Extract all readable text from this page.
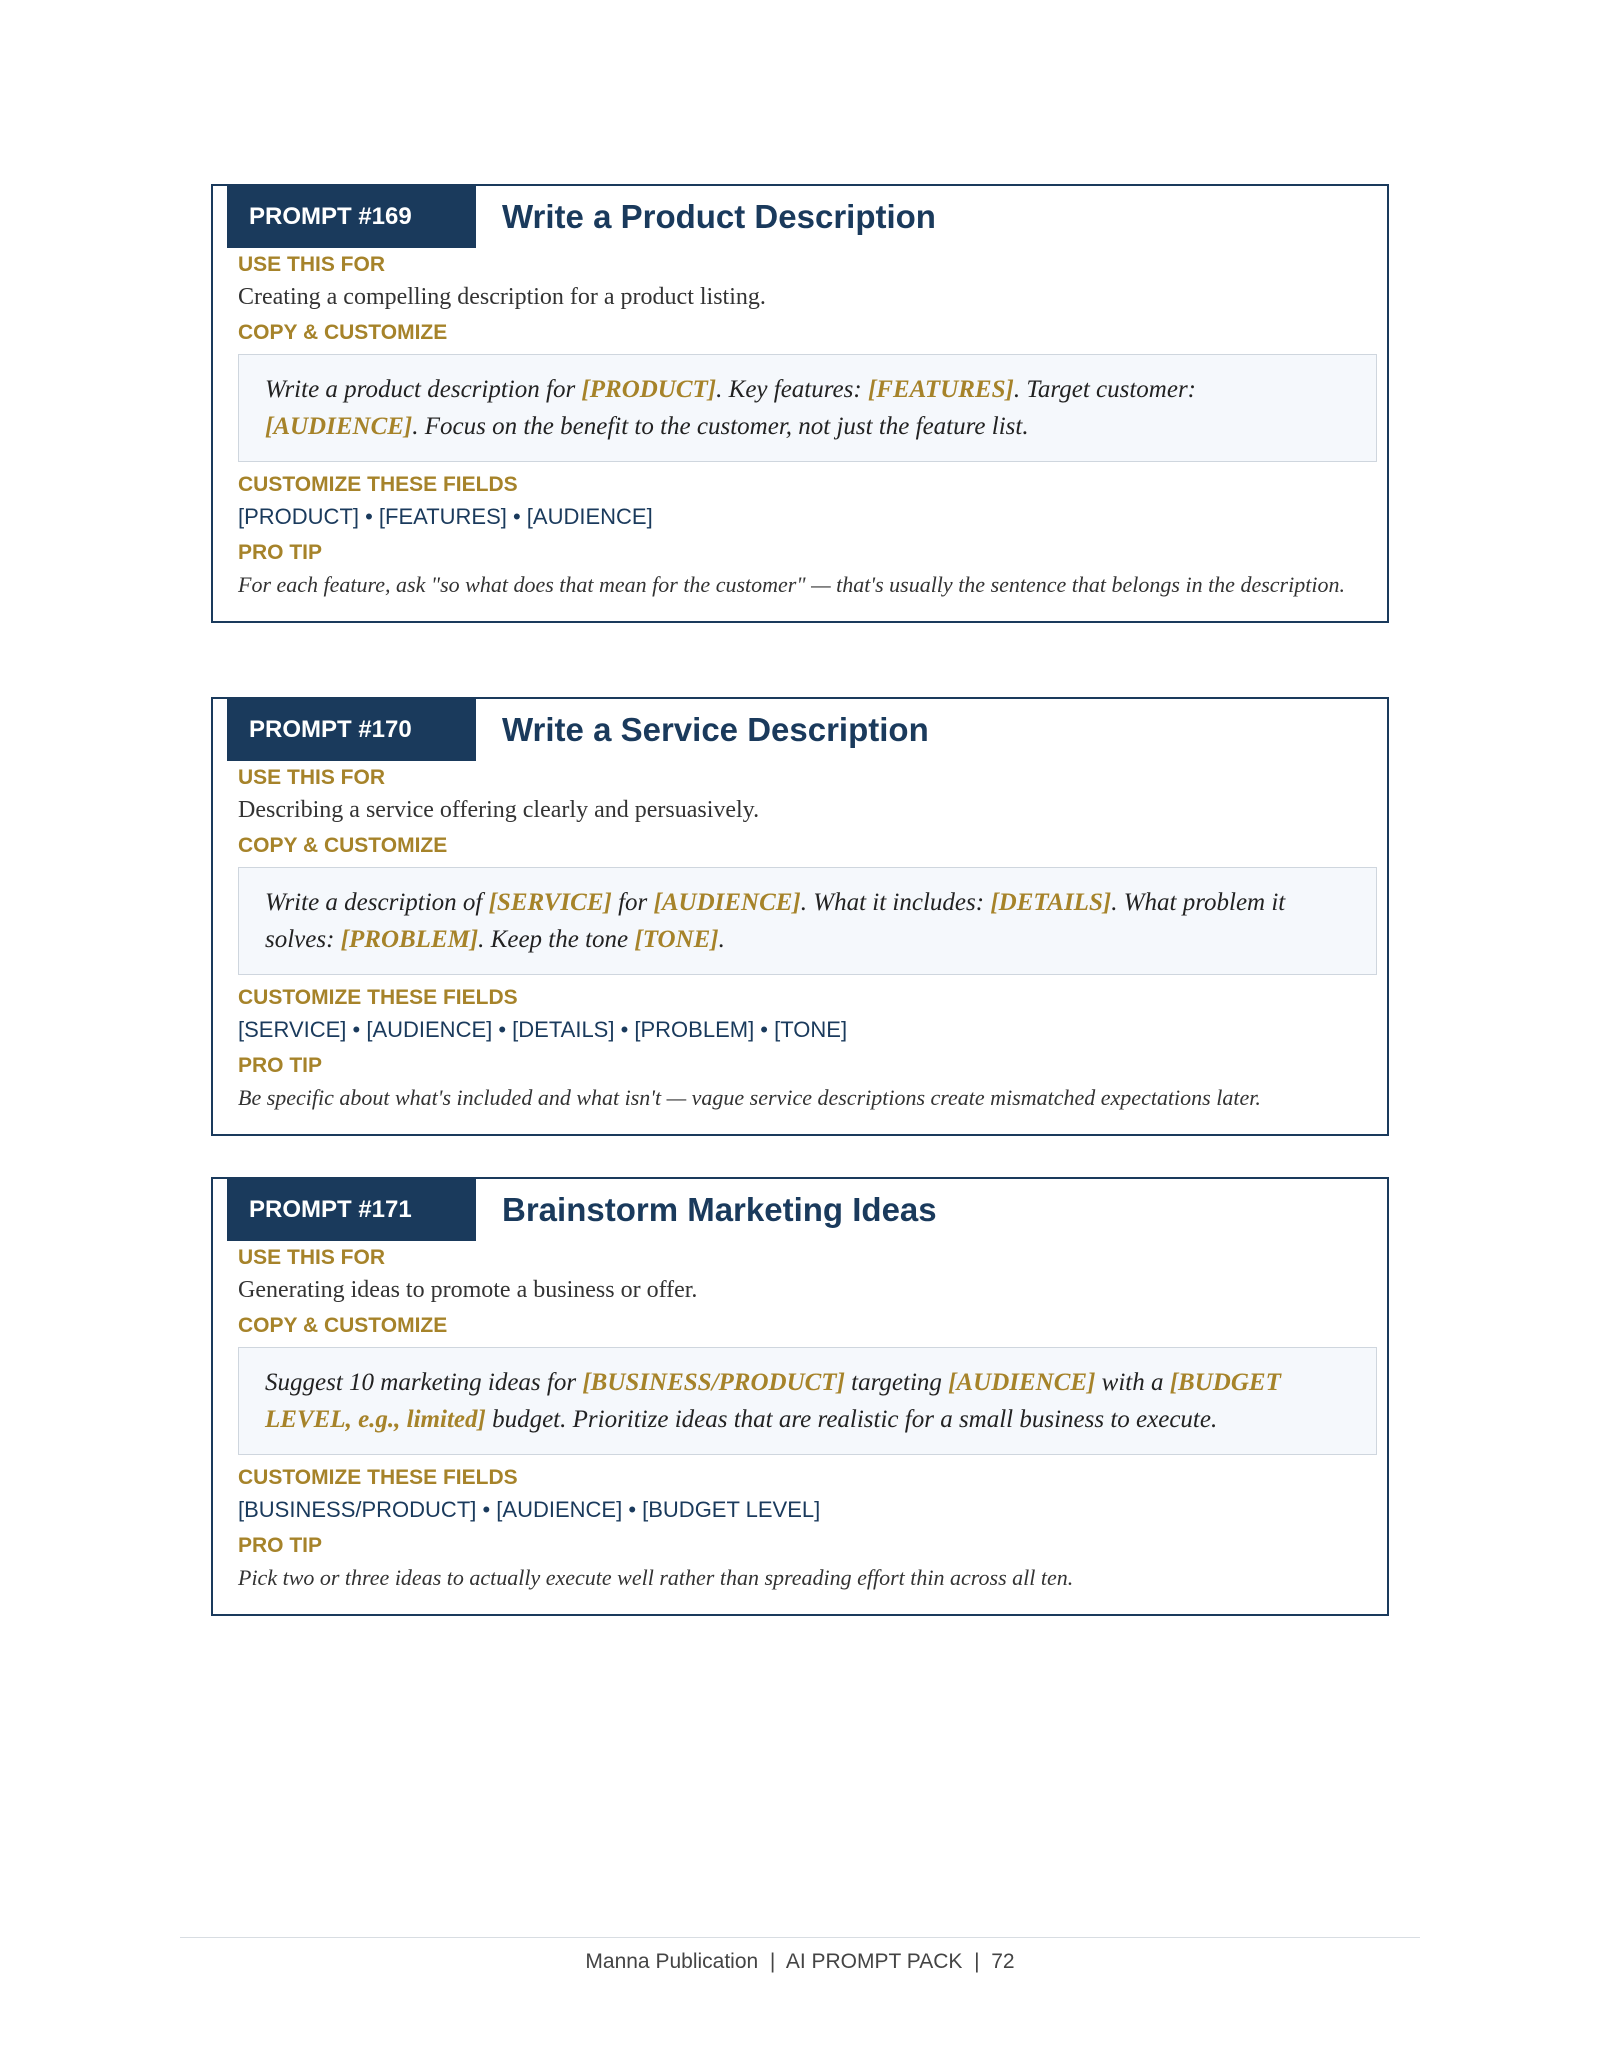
PROMPT #169	Write a Product Description
USE THIS FOR
Creating a compelling description for a product listing.
COPY & CUSTOMIZE
Write a product description for [PRODUCT]. Key features: [FEATURES]. Target customer: [AUDIENCE]. Focus on the benefit to the customer, not just the feature list.
CUSTOMIZE THESE FIELDS
[PRODUCT] • [FEATURES] • [AUDIENCE]
PRO TIP
For each feature, ask "so what does that mean for the customer" — that's usually the sentence that belongs in the description.
PROMPT #170	Write a Service Description
USE THIS FOR
Describing a service offering clearly and persuasively.
COPY & CUSTOMIZE
Write a description of [SERVICE] for [AUDIENCE]. What it includes: [DETAILS]. What problem it solves: [PROBLEM]. Keep the tone [TONE].
CUSTOMIZE THESE FIELDS
[SERVICE] • [AUDIENCE] • [DETAILS] • [PROBLEM] • [TONE]
PRO TIP
Be specific about what's included and what isn't — vague service descriptions create mismatched expectations later.
PROMPT #171	Brainstorm Marketing Ideas
USE THIS FOR
Generating ideas to promote a business or offer.
COPY & CUSTOMIZE
Suggest 10 marketing ideas for [BUSINESS/PRODUCT] targeting [AUDIENCE] with a [BUDGET LEVEL, e.g., limited] budget. Prioritize ideas that are realistic for a small business to execute.
CUSTOMIZE THESE FIELDS
[BUSINESS/PRODUCT] • [AUDIENCE] • [BUDGET LEVEL]
PRO TIP
Pick two or three ideas to actually execute well rather than spreading effort thin across all ten.
Manna Publication  |  AI PROMPT PACK  |  72
